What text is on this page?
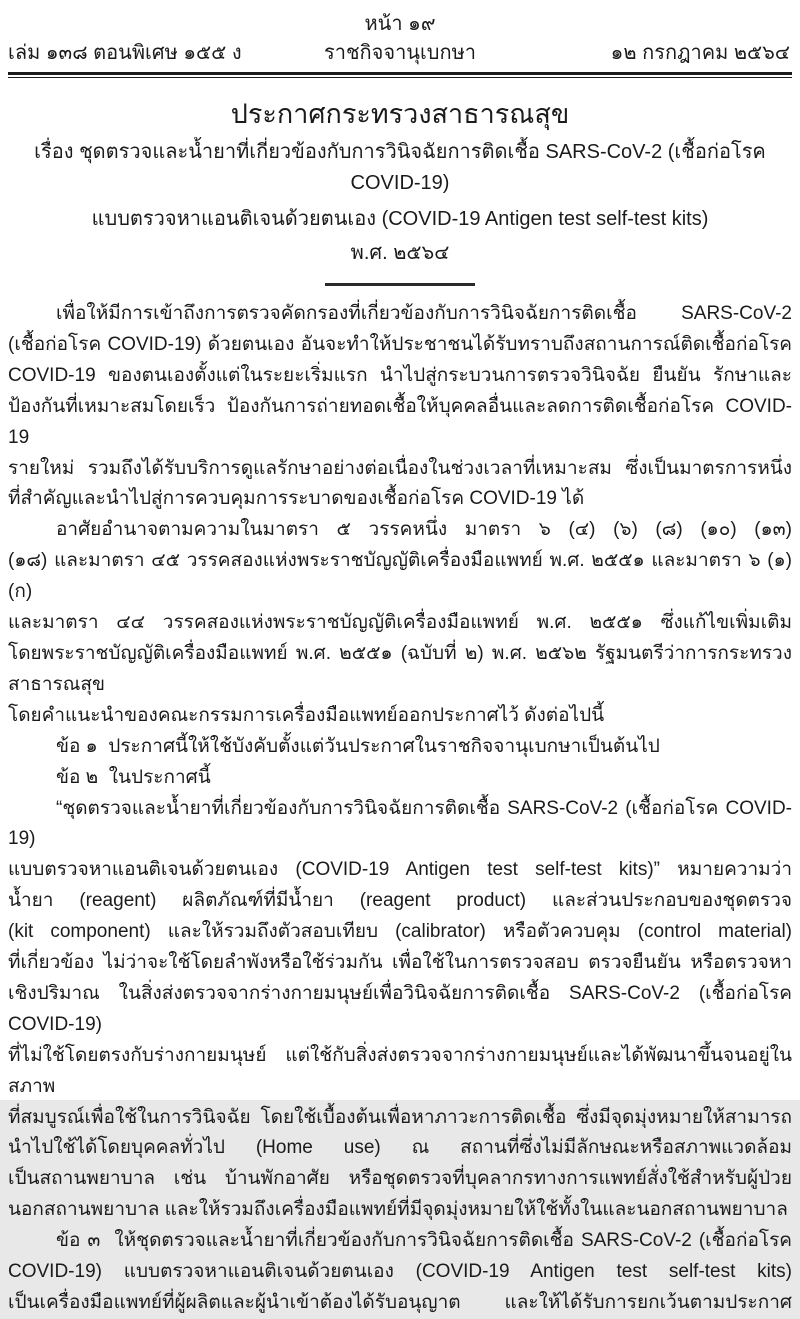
หน้า ๑๙
เล่ม ๑๓๘ ตอนพิเศษ ๑๕๕ ง	ราชกิจจานุเบกษา	๑๒ กรกฎาคม ๒๕๖๔
ประกาศกระทรวงสาธารณสุข
เรื่อง ชุดตรวจและน้ำยาที่เกี่ยวข้องกับการวินิจฉัยการติดเชื้อ SARS-CoV-2 (เชื้อก่อโรค COVID-19)
แบบตรวจหาแอนติเจนด้วยตนเอง (COVID-19 Antigen test self-test kits)
พ.ศ. ๒๕๖๔
เพื่อให้มีการเข้าถึงการตรวจคัดกรองที่เกี่ยวข้องกับการวินิจฉัยการติดเชื้อ SARS-CoV-2
(เชื้อก่อโรค COVID-19) ด้วยตนเอง อันจะทำให้ประชาชนได้รับทราบถึงสถานการณ์ติดเชื้อก่อโรค
COVID-19 ของตนเองตั้งแต่ในระยะเริ่มแรก นำไปสู่กระบวนการตรวจวินิจฉัย ยืนยัน รักษาและ
ป้องกันที่เหมาะสมโดยเร็ว ป้องกันการถ่ายทอดเชื้อให้บุคคลอื่นและลดการติดเชื้อก่อโรค COVID-19
รายใหม่ รวมถึงได้รับบริการดูแลรักษาอย่างต่อเนื่องในช่วงเวลาที่เหมาะสม ซึ่งเป็นมาตรการหนึ่ง
ที่สำคัญและนำไปสู่การควบคุมการระบาดของเชื้อก่อโรค COVID-19 ได้
อาศัยอำนาจตามความในมาตรา ๕ วรรคหนึ่ง มาตรา ๖ (๔) (๖) (๘) (๑๐) (๑๓)
(๑๘) และมาตรา ๔๕ วรรคสองแห่งพระราชบัญญัติเครื่องมือแพทย์ พ.ศ. ๒๕๕๑ และมาตรา ๖ (๑) (ก)
และมาตรา ๔๔ วรรคสองแห่งพระราชบัญญัติเครื่องมือแพทย์ พ.ศ. ๒๕๕๑ ซึ่งแก้ไขเพิ่มเติม
โดยพระราชบัญญัติเครื่องมือแพทย์ พ.ศ. ๒๕๕๑ (ฉบับที่ ๒) พ.ศ. ๒๕๖๒ รัฐมนตรีว่าการกระทรวงสาธารณสุข
โดยคำแนะนำของคณะกรรมการเครื่องมือแพทย์ออกประกาศไว้ ดังต่อไปนี้
ข้อ ๑  ประกาศนี้ให้ใช้บังคับตั้งแต่วันประกาศในราชกิจจานุเบกษาเป็นต้นไป
ข้อ ๒  ในประกาศนี้
“ชุดตรวจและน้ำยาที่เกี่ยวข้องกับการวินิจฉัยการติดเชื้อ SARS-CoV-2 (เชื้อก่อโรค COVID-19)
แบบตรวจหาแอนติเจนด้วยตนเอง (COVID-19 Antigen test self-test kits)” หมายความว่า
น้ำยา (reagent) ผลิตภัณฑ์ที่มีน้ำยา (reagent product) และส่วนประกอบของชุดตรวจ
(kit component) และให้รวมถึงตัวสอบเทียบ (calibrator) หรือตัวควบคุม (control material)
ที่เกี่ยวข้อง ไม่ว่าจะใช้โดยลำพังหรือใช้ร่วมกัน เพื่อใช้ในการตรวจสอบ ตรวจยืนยัน หรือตรวจหา
เชิงปริมาณ ในสิ่งส่งตรวจจากร่างกายมนุษย์เพื่อวินิจฉัยการติดเชื้อ SARS-CoV-2 (เชื้อก่อโรค COVID-19)
ที่ไม่ใช้โดยตรงกับร่างกายมนุษย์ แต่ใช้กับสิ่งส่งตรวจจากร่างกายมนุษย์และได้พัฒนาขึ้นจนอยู่ในสภาพ
ที่สมบูรณ์เพื่อใช้ในการวินิจฉัย โดยใช้เบื้องต้นเพื่อหาภาวะการติดเชื้อ ซึ่งมีจุดมุ่งหมายให้สามารถ
นำไปใช้ได้โดยบุคคลทั่วไป (Home use) ณ สถานที่ซึ่งไม่มีลักษณะหรือสภาพแวดล้อม
เป็นสถานพยาบาล เช่น บ้านพักอาศัย หรือชุดตรวจที่บุคลากรทางการแพทย์สั่งใช้สำหรับผู้ป่วย
นอกสถานพยาบาล และให้รวมถึงเครื่องมือแพทย์ที่มีจุดมุ่งหมายให้ใช้ทั้งในและนอกสถานพยาบาล
ข้อ ๓  ให้ชุดตรวจและน้ำยาที่เกี่ยวข้องกับการวินิจฉัยการติดเชื้อ SARS-CoV-2 (เชื้อก่อโรค
COVID-19) แบบตรวจหาแอนติเจนด้วยตนเอง (COVID-19 Antigen test self-test kits)
เป็นเครื่องมือแพทย์ที่ผู้ผลิตและผู้นำเข้าต้องได้รับอนุญาต และให้ได้รับการยกเว้นตามประกาศ
